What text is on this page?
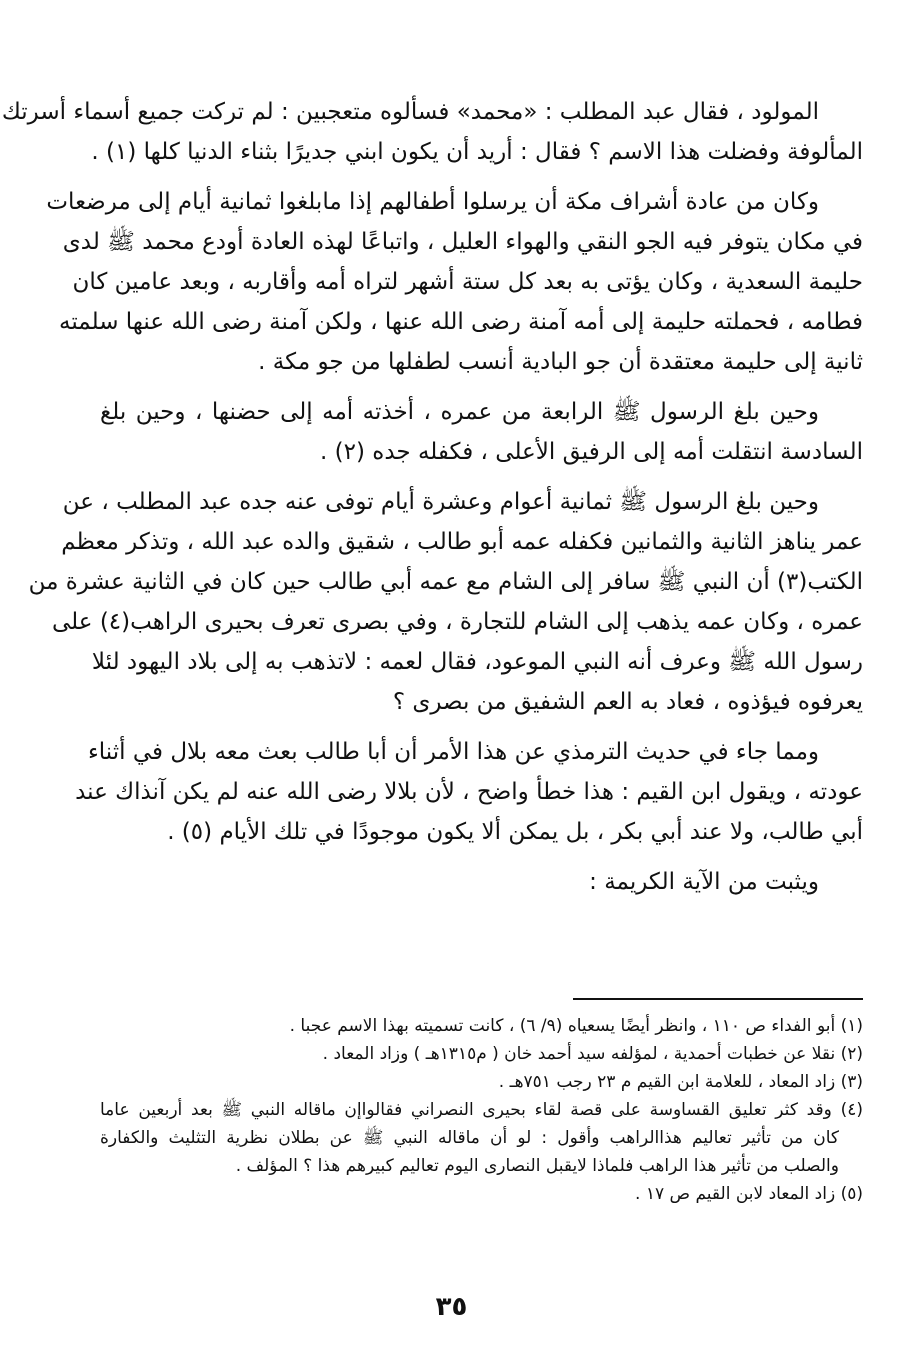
المولود ، فقال عبد المطلب : «محمد» فسألوه متعجبين : لم تركت جميع أسماء أسرتك
المألوفة وفضلت هذا الاسم ؟ فقال : أريد أن يكون ابني جديرًا بثناء الدنيا كلها (١) .
وكان من عادة أشراف مكة أن يرسلوا أطفالهم إذا مابلغوا ثمانية أيام إلى مرضعات
في مكان يتوفر فيه الجو النقي والهواء العليل ، واتباعًا لهذه العادة أودع محمد ﷺ لدى
حليمة السعدية ، وكان يؤتى به بعد كل ستة أشهر لتراه أمه وأقاربه ، وبعد عامين كان
فطامه ، فحملته حليمة إلى أمه آمنة رضى الله عنها ، ولكن آمنة رضى الله عنها سلمته
ثانية إلى حليمة معتقدة أن جو البادية أنسب لطفلها من جو مكة .
وحين بلغ الرسول ﷺ الرابعة من عمره ، أخذته أمه إلى حضنها ، وحين بلغ
السادسة انتقلت أمه إلى الرفيق الأعلى ، فكفله جده (٢) .
وحين بلغ الرسول ﷺ ثمانية أعوام وعشرة أيام توفى عنه جده عبد المطلب ، عن
عمر يناهز الثانية والثمانين فكفله عمه أبو طالب ، شقيق والده عبد الله ، وتذكر معظم
الكتب(٣) أن النبي ﷺ سافر إلى الشام مع عمه أبي طالب حين كان في الثانية عشرة من
عمره ، وكان عمه يذهب إلى الشام للتجارة ، وفي بصرى تعرف بحيرى الراهب(٤) على
رسول الله ﷺ وعرف أنه النبي الموعود، فقال لعمه : لاتذهب به إلى بلاد اليهود لئلا
يعرفوه فيؤذوه ، فعاد به العم الشفيق من بصرى ؟
ومما جاء في حديث الترمذي عن هذا الأمر أن أبا طالب بعث معه بلال في أثناء
عودته ، ويقول ابن القيم : هذا خطأ واضح ، لأن بلالا رضى الله عنه لم يكن آنذاك عند
أبي طالب، ولا عند أبي بكر ، بل يمكن ألا يكون موجودًا في تلك الأيام (٥) .
ويثبت من الآية الكريمة :
(١) أبو الفداء ص ١١٠ ، وانظر أيضًا يسعياه (٩/ ٦) ، كانت تسميته بهذا الاسم عجبا .
(٢) نقلا عن خطبات أحمدية ، لمؤلفه سيد أحمد خان ( م١٣١٥هـ ) وزاد المعاد .
(٣) زاد المعاد ، للعلامة ابن القيم م ٢٣ رجب ٧٥١هـ .
(٤) وقد كثر تعليق القساوسة على قصة لقاء بحيرى النصراني فقالواإن ماقاله النبي ﷺ بعد أربعين عاما
كان من تأثير تعاليم هذاالراهب وأقول : لو أن ماقاله النبي ﷺ عن بطلان نظرية التثليث والكفارة
والصلب من تأثير هذا الراهب فلماذا لايقبل النصارى اليوم تعاليم كبيرهم هذا ؟ المؤلف .
(٥) زاد المعاد لابن القيم ص ١٧ .
٣٥
